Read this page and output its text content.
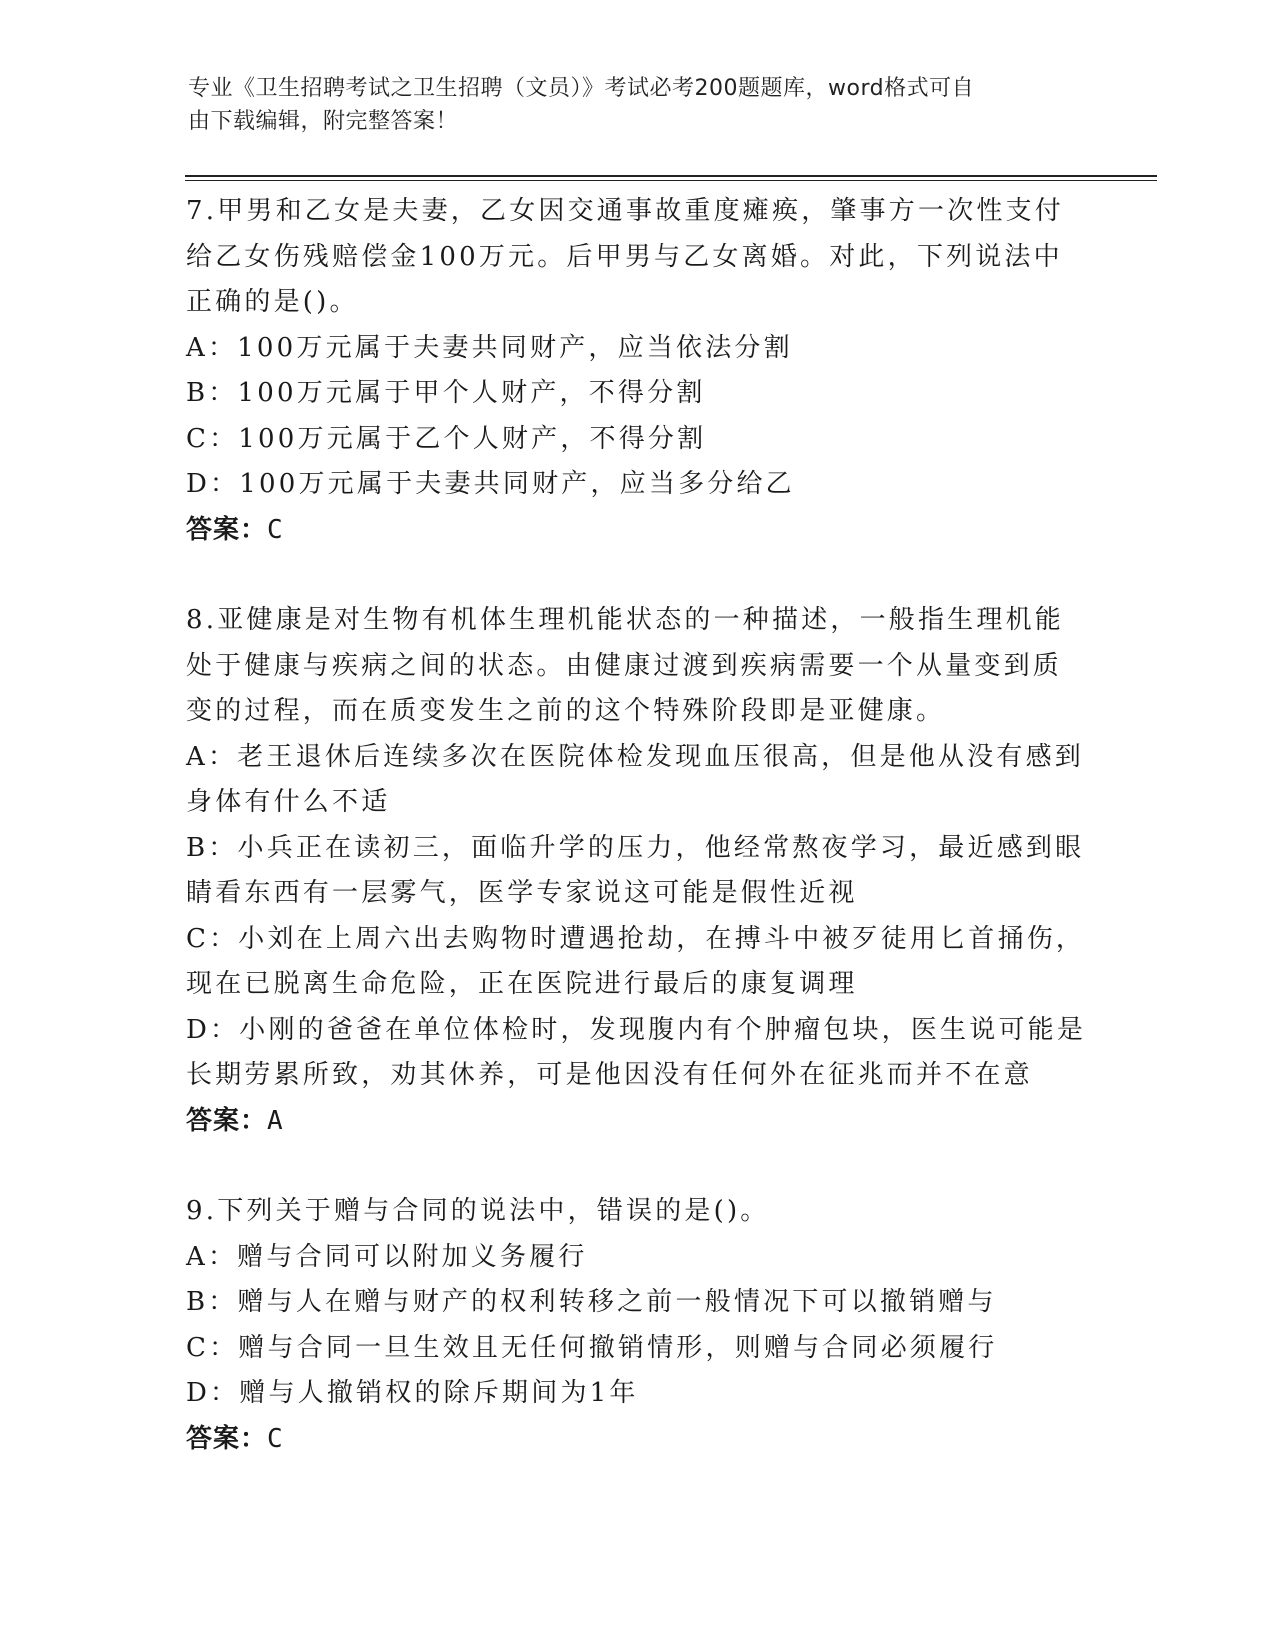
专业《卫生招聘考试之卫生招聘（文员）》考试必考200题题库，word格式可自
由下载编辑，附完整答案！
7.甲男和乙女是夫妻，乙女因交通事故重度瘫痪，肇事方一次性支付
给乙女伤残赔偿金100万元。后甲男与乙女离婚。对此，下列说法中
正确的是()。
A：100万元属于夫妻共同财产，应当依法分割
B：100万元属于甲个人财产，不得分割
C：100万元属于乙个人财产，不得分割
D：100万元属于夫妻共同财产，应当多分给乙
答案：C
8.亚健康是对生物有机体生理机能状态的一种描述，一般指生理机能
处于健康与疾病之间的状态。由健康过渡到疾病需要一个从量变到质
变的过程，而在质变发生之前的这个特殊阶段即是亚健康。
A：老王退休后连续多次在医院体检发现血压很高，但是他从没有感到
身体有什么不适
B：小兵正在读初三，面临升学的压力，他经常熬夜学习，最近感到眼
睛看东西有一层雾气，医学专家说这可能是假性近视
C：小刘在上周六出去购物时遭遇抢劫，在搏斗中被歹徒用匕首捅伤，
现在已脱离生命危险，正在医院进行最后的康复调理
D：小刚的爸爸在单位体检时，发现腹内有个肿瘤包块，医生说可能是
长期劳累所致，劝其休养，可是他因没有任何外在征兆而并不在意
答案：A
9.下列关于赠与合同的说法中，错误的是()。
A：赠与合同可以附加义务履行
B：赠与人在赠与财产的权利转移之前一般情况下可以撤销赠与
C：赠与合同一旦生效且无任何撤销情形，则赠与合同必须履行
D：赠与人撤销权的除斥期间为1年
答案：C
